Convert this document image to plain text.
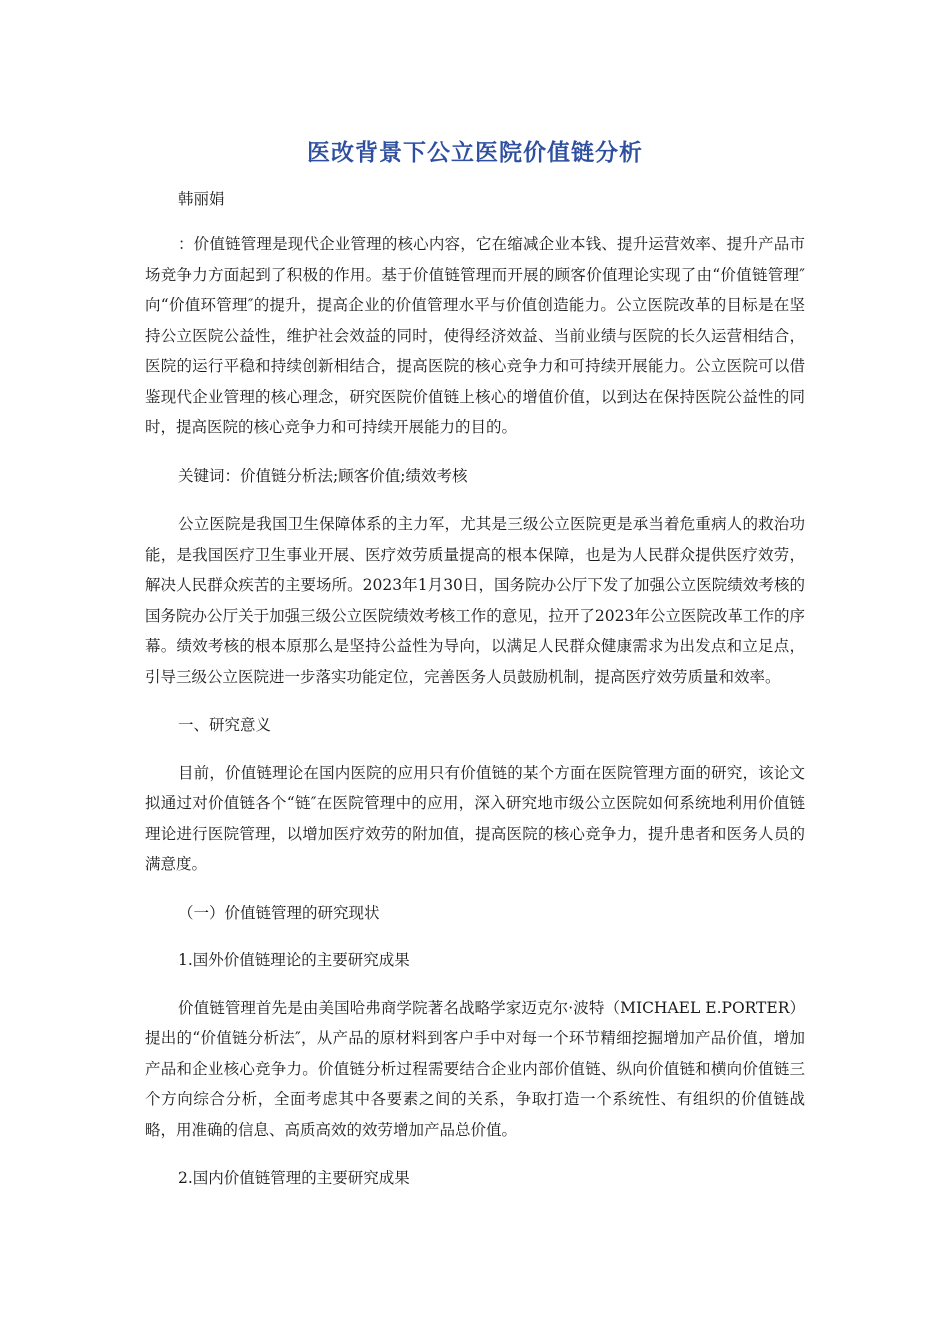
医改背景下公立医院价值链分析
韩丽娟

：价值链管理是现代企业管理的核心内容，它在缩减企业本钱、提升运营效率、提升产品市场竞争力方面起到了积极的作用。基于价值链管理而开展的顾客价值理论实现了由“价值链管理″向“价值环管理″的提升，提高企业的价值管理水平与价值创造能力。公立医院改革的目标是在坚持公立医院公益性，维护社会效益的同时，使得经济效益、当前业绩与医院的长久运营相结合，医院的运行平稳和持续创新相结合，提高医院的核心竞争力和可持续开展能力。公立医院可以借鉴现代企业管理的核心理念，研究医院价值链上核心的增值价值，以到达在保持医院公益性的同时，提高医院的核心竞争力和可持续开展能力的目的。

关键词：价值链分析法;顾客价值;绩效考核

公立医院是我国卫生保障体系的主力军，尤其是三级公立医院更是承当着危重病人的救治功能，是我国医疗卫生事业开展、医疗效劳质量提高的根本保障，也是为人民群众提供医疗效劳，解决人民群众疾苦的主要场所。2023年1月30日，国务院办公厅下发了加强公立医院绩效考核的国务院办公厅关于加强三级公立医院绩效考核工作的意见，拉开了2023年公立医院改革工作的序幕。绩效考核的根本原那么是坚持公益性为导向，以满足人民群众健康需求为出发点和立足点，引导三级公立医院进一步落实功能定位，完善医务人员鼓励机制，提高医疗效劳质量和效率。

一、研究意义

目前，价值链理论在国内医院的应用只有价值链的某个方面在医院管理方面的研究，该论文拟通过对价值链各个“链″在医院管理中的应用，深入研究地市级公立医院如何系统地利用价值链理论进行医院管理，以增加医疗效劳的附加值，提高医院的核心竞争力，提升患者和医务人员的满意度。

（一）价值链管理的研究现状

1.国外价值链理论的主要研究成果

价值链管理首先是由美国哈弗商学院著名战略学家迈克尔·波特（MICHAEL E.PORTER）提出的“价值链分析法″，从产品的原材料到客户手中对每一个环节精细挖掘增加产品价值，增加产品和企业核心竞争力。价值链分析过程需要结合企业内部价值链、纵向价值链和横向价值链三个方向综合分析，全面考虑其中各要素之间的关系，争取打造一个系统性、有组织的价值链战略，用准确的信息、高质高效的效劳增加产品总价值。

2.国内价值链管理的主要研究成果
